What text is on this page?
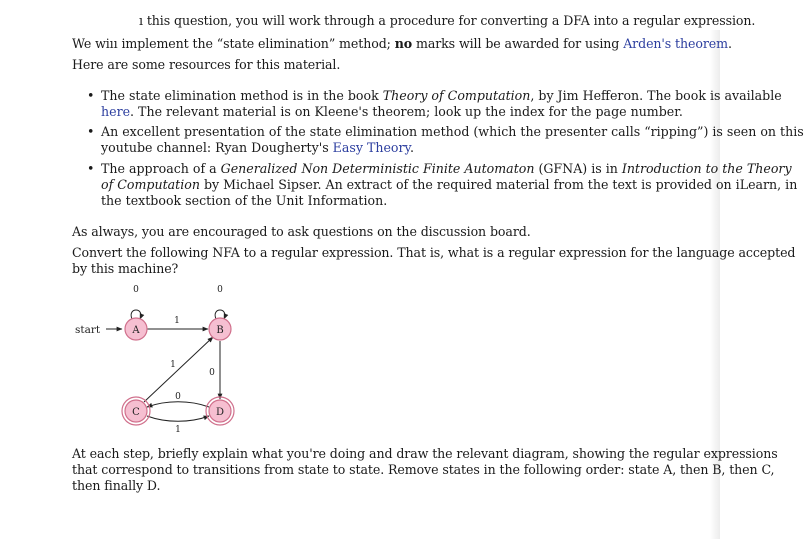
ı this question, you will work through a procedure for converting a DFA into a regular expression.
We wiıı implement the “state elimination” method; no marks will be awarded for using Arden's theorem.
Here are some resources for this material.
• The state elimination method is in the book Theory of Computation, by Jim Hefferon. The book is available
here. The relevant material is on Kleene's theorem; look up the index for the page number.
• An excellent presentation of the state elimination method (which the presenter calls “ripping”) is seen on this
youtube channel: Ryan Dougherty's Easy Theory.
• The approach of a Generalized Non Deterministic Finite Automaton (GFNA) is in Introduction to the Theory
of Computation by Michael Sipser. An extract of the required material from the text is provided on iLearn, in
the textbook section of the Unit Information.
As always, you are encouraged to ask questions on the discussion board.
Convert the following NFA to a regular expression. That is, what is a regular expression for the language accepted
by this machine?
start
0	0
1
1
0
0
1
A	B
C	D
At each step, briefly explain what you're doing and draw the relevant diagram, showing the regular expressions
that correspond to transitions from state to state. Remove states in the following order: state A, then B, then C,
then finally D.
